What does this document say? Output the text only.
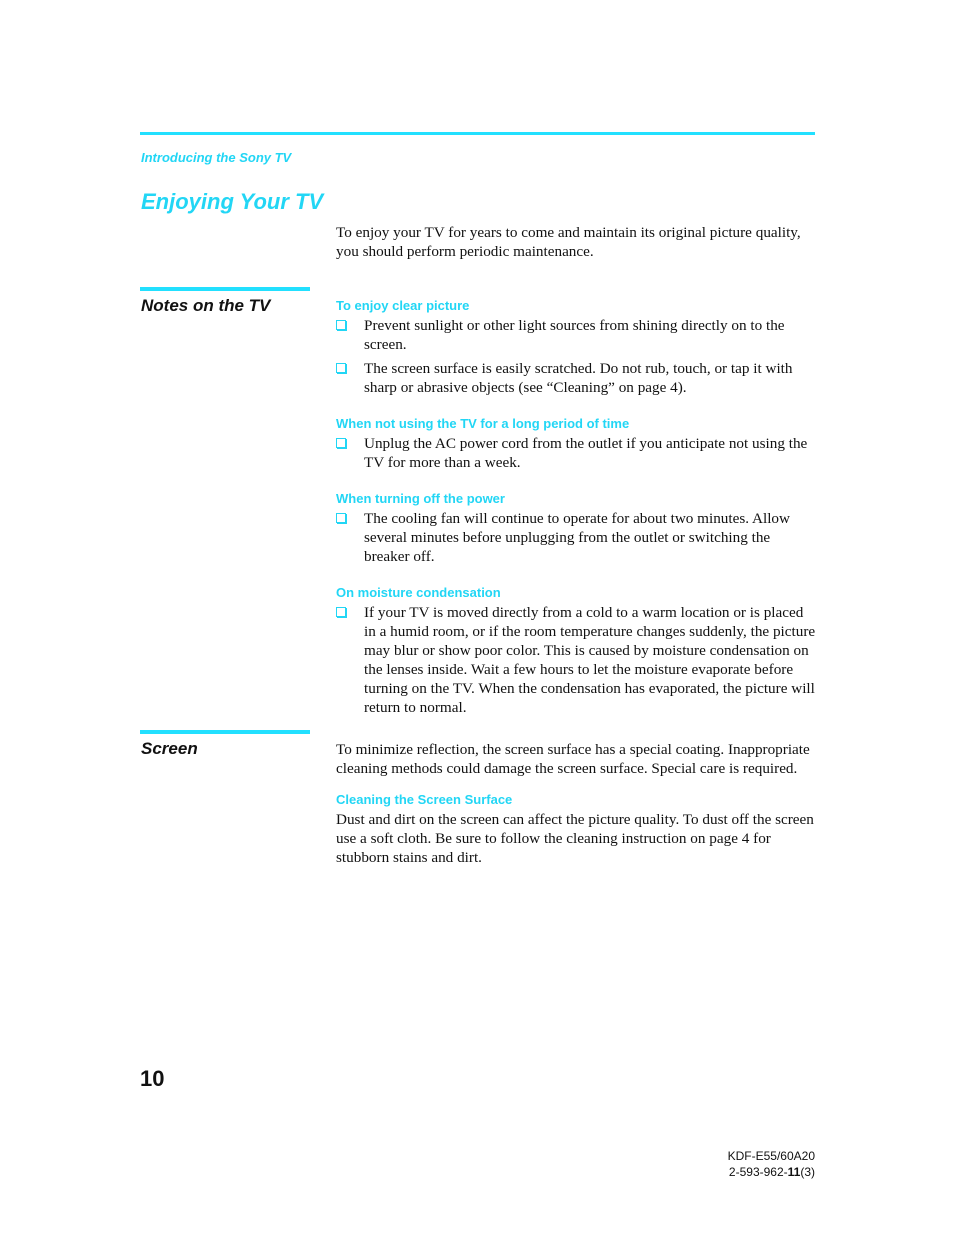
Introducing the Sony TV
Enjoying Your TV

To enjoy your TV for years to come and maintain its original picture quality, you should perform periodic maintenance.

Notes on the TV	To enjoy clear picture
Prevent sunlight or other light sources from shining directly on to the screen.
The screen surface is easily scratched. Do not rub, touch, or tap it with sharp or abrasive objects (see “Cleaning” on page 4).
When not using the TV for a long period of time
Unplug the AC power cord from the outlet if you anticipate not using the TV for more than a week.
When turning off the power
The cooling fan will continue to operate for about two minutes. Allow several minutes before unplugging from the outlet or switching the breaker off.
On moisture condensation
If your TV is moved directly from a cold to a warm location or is placed in a humid room, or if the room temperature changes suddenly, the picture may blur or show poor color. This is caused by moisture condensation on the lenses inside. Wait a few hours to let the moisture evaporate before turning on the TV. When the condensation has evaporated, the picture will return to normal.
Screen	To minimize reflection, the screen surface has a special coating. Inappropriate cleaning methods could damage the screen surface. Special care is required.

Cleaning the Screen Surface

Dust and dirt on the screen can affect the picture quality. To dust off the screen use a soft cloth. Be sure to follow the cleaning instruction on page 4 for stubborn stains and dirt.

10
KDF-E55/60A20
2-593-962-11(3)
